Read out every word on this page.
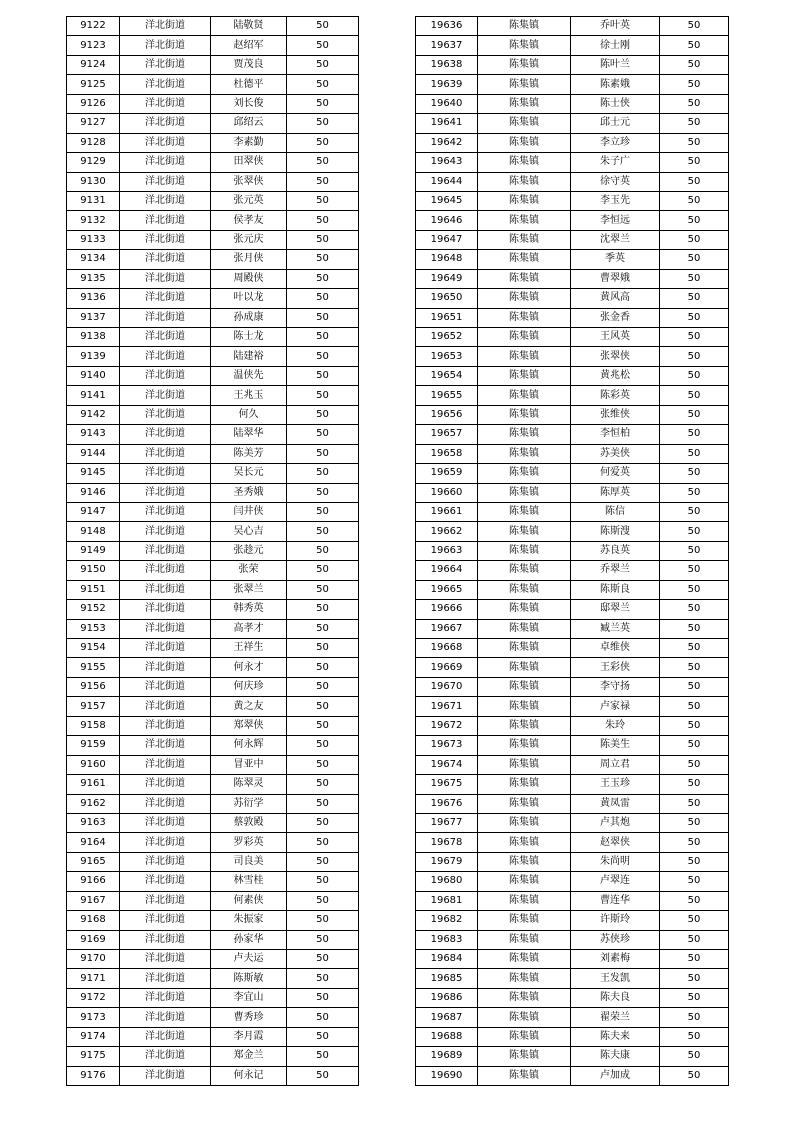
9122	洋北街道	陆敬贤	50
9123	洋北街道	赵绍军	50
9124	洋北街道	贾茂良	50
9125	洋北街道	杜德平	50
9126	洋北街道	刘长俊	50
9127	洋北街道	邱绍云	50
9128	洋北街道	李素勤	50
9129	洋北街道	田翠侠	50
9130	洋北街道	张翠侠	50
9131	洋北街道	张元英	50
9132	洋北街道	侯孝友	50
9133	洋北街道	张元庆	50
9134	洋北街道	张月侠	50
9135	洋北街道	周殿侠	50
9136	洋北街道	叶以龙	50
9137	洋北街道	孙成康	50
9138	洋北街道	陈士龙	50
9139	洋北街道	陆建裕	50
9140	洋北街道	温侠先	50
9141	洋北街道	王兆玉	50
9142	洋北街道	何久	50
9143	洋北街道	陆翠华	50
9144	洋北街道	陈美芳	50
9145	洋北街道	吴长元	50
9146	洋北街道	圣秀娥	50
9147	洋北街道	闫井侠	50
9148	洋北街道	吴心吉	50
9149	洋北街道	张趁元	50
9150	洋北街道	张荣	50
9151	洋北街道	张翠兰	50
9152	洋北街道	韩秀英	50
9153	洋北街道	高孝才	50
9154	洋北街道	王祥生	50
9155	洋北街道	何永才	50
9156	洋北街道	何庆珍	50
9157	洋北街道	黄之友	50
9158	洋北街道	郑翠侠	50
9159	洋北街道	何永辉	50
9160	洋北街道	冒亚中	50
9161	洋北街道	陈翠灵	50
9162	洋北街道	苏衍学	50
9163	洋北街道	蔡敦殿	50
9164	洋北街道	罗彩英	50
9165	洋北街道	司良美	50
9166	洋北街道	林雪桂	50
9167	洋北街道	何素侠	50
9168	洋北街道	朱振家	50
9169	洋北街道	孙家华	50
9170	洋北街道	卢夫运	50
9171	洋北街道	陈斯敏	50
9172	洋北街道	李宜山	50
9173	洋北街道	曹秀珍	50
9174	洋北街道	李月霞	50
9175	洋北街道	郑金兰	50
9176	洋北街道	何永记	50
19636	陈集镇	乔叶英	50
19637	陈集镇	徐士刚	50
19638	陈集镇	陈叶兰	50
19639	陈集镇	陈素娥	50
19640	陈集镇	陈士侠	50
19641	陈集镇	邱士元	50
19642	陈集镇	李立珍	50
19643	陈集镇	朱子广	50
19644	陈集镇	徐守英	50
19645	陈集镇	李玉先	50
19646	陈集镇	李恒远	50
19647	陈集镇	沈翠兰	50
19648	陈集镇	季英	50
19649	陈集镇	曹翠娥	50
19650	陈集镇	黄风高	50
19651	陈集镇	张金香	50
19652	陈集镇	王风英	50
19653	陈集镇	张翠侠	50
19654	陈集镇	黄兆松	50
19655	陈集镇	陈彩英	50
19656	陈集镇	张维侠	50
19657	陈集镇	李恒柏	50
19658	陈集镇	苏美侠	50
19659	陈集镇	何爱英	50
19660	陈集镇	陈厚英	50
19661	陈集镇	陈信	50
19662	陈集镇	陈斯溲	50
19663	陈集镇	苏良英	50
19664	陈集镇	乔翠兰	50
19665	陈集镇	陈斯良	50
19666	陈集镇	邸翠兰	50
19667	陈集镇	臧兰英	50
19668	陈集镇	卓维侠	50
19669	陈集镇	王彩侠	50
19670	陈集镇	李守扬	50
19671	陈集镇	卢家禄	50
19672	陈集镇	朱玲	50
19673	陈集镇	陈美生	50
19674	陈集镇	周立君	50
19675	陈集镇	王玉珍	50
19676	陈集镇	黄凤雷	50
19677	陈集镇	卢其炮	50
19678	陈集镇	赵翠侠	50
19679	陈集镇	朱尚明	50
19680	陈集镇	卢翠连	50
19681	陈集镇	曹连华	50
19682	陈集镇	许斯玲	50
19683	陈集镇	苏侠珍	50
19684	陈集镇	刘素梅	50
19685	陈集镇	王发凯	50
19686	陈集镇	陈夫良	50
19687	陈集镇	翟荣兰	50
19688	陈集镇	陈夫来	50
19689	陈集镇	陈夫康	50
19690	陈集镇	卢加成	50
